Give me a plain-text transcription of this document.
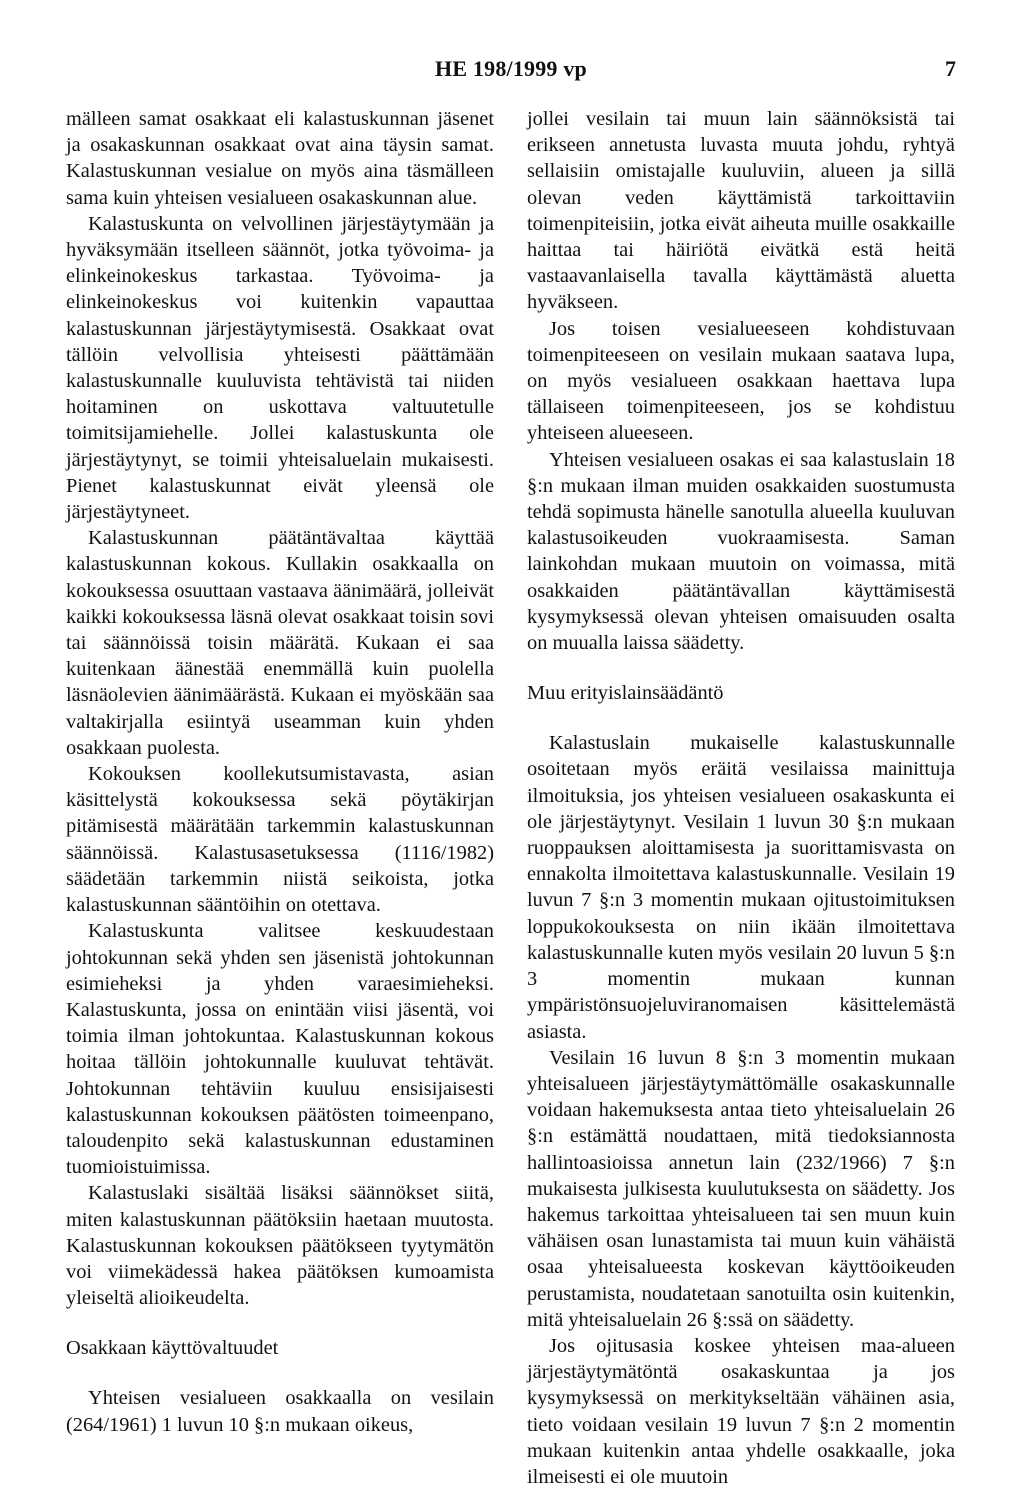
HE 198/1999 vp	7

mälleen samat osakkaat eli kalastuskunnan jäsenet ja osakaskunnan osakkaat ovat aina täysin samat. Kalastuskunnan vesialue on myös aina täsmälleen sama kuin yhteisen vesialueen osakaskunnan alue.

Kalastuskunta on velvollinen järjestäytymään ja hyväksymään itselleen säännöt, jotka työvoima- ja elinkeinokeskus tarkastaa. Työvoima- ja elinkeinokeskus voi kuitenkin vapauttaa kalastuskunnan järjestäytymisestä. Osakkaat ovat tällöin velvollisia yhteisesti päättämään kalastuskunnalle kuuluvista tehtävistä tai niiden hoitaminen on uskottava valtuutetulle toimitsijamiehelle. Jollei kalastuskunta ole järjestäytynyt, se toimii yhteisaluelain mukaisesti. Pienet kalastuskunnat eivät yleensä ole järjestäytyneet.

Kalastuskunnan päätäntävaltaa käyttää kalastuskunnan kokous. Kullakin osakkaalla on kokouksessa osuuttaan vastaava äänimäärä, jolleivät kaikki kokouksessa läsnä olevat osakkaat toisin sovi tai säännöissä toisin määrätä. Kukaan ei saa kuitenkaan äänestää enemmällä kuin puolella läsnäolevien äänimäärästä. Kukaan ei myöskään saa valtakirjalla esiintyä useamman kuin yhden osakkaan puolesta.

Kokouksen koollekutsumistavasta, asian käsittelystä kokouksessa sekä pöytäkirjan pitämisestä määrätään tarkemmin kalastuskunnan säännöissä. Kalastusasetuksessa (1116/1982) säädetään tarkemmin niistä seikoista, jotka kalastuskunnan sääntöihin on otettava.

Kalastuskunta valitsee keskuudestaan johtokunnan sekä yhden sen jäsenistä johtokunnan esimieheksi ja yhden varaesimieheksi. Kalastuskunta, jossa on enintään viisi jäsentä, voi toimia ilman johtokuntaa. Kalastuskunnan kokous hoitaa tällöin johtokunnalle kuuluvat tehtävät. Johtokunnan tehtäviin kuuluu ensisijaisesti kalastuskunnan kokouksen päätösten toimeenpano, taloudenpito sekä kalastuskunnan edustaminen tuomioistuimissa.

Kalastuslaki sisältää lisäksi säännökset siitä, miten kalastuskunnan päätöksiin haetaan muutosta. Kalastuskunnan kokouksen päätökseen tyytymätön voi viimekädessä hakea päätöksen kumoamista yleiseltä alioikeudelta.

Osakkaan käyttövaltuudet

Yhteisen vesialueen osakkaalla on vesilain (264/1961) 1 luvun 10 §:n mukaan oikeus,

jollei vesilain tai muun lain säännöksistä tai erikseen annetusta luvasta muuta johdu, ryhtyä sellaisiin omistajalle kuuluviin, alueen ja sillä olevan veden käyttämistä tarkoittaviin toimenpiteisiin, jotka eivät aiheuta muille osakkaille haittaa tai häiriötä eivätkä estä heitä vastaavanlaisella tavalla käyttämästä aluetta hyväkseen.

Jos toisen vesialueeseen kohdistuvaan toimenpiteeseen on vesilain mukaan saatava lupa, on myös vesialueen osakkaan haettava lupa tällaiseen toimenpiteeseen, jos se kohdistuu yhteiseen alueeseen.

Yhteisen vesialueen osakas ei saa kalastuslain 18 §:n mukaan ilman muiden osakkaiden suostumusta tehdä sopimusta hänelle sanotulla alueella kuuluvan kalastusoikeuden vuokraamisesta. Saman lainkohdan mukaan muutoin on voimassa, mitä osakkaiden päätäntävallan käyttämisestä kysymyksessä olevan yhteisen omaisuuden osalta on muualla laissa säädetty.

Muu erityislainsäädäntö

Kalastuslain mukaiselle kalastuskunnalle osoitetaan myös eräitä vesilaissa mainittuja ilmoituksia, jos yhteisen vesialueen osakaskunta ei ole järjestäytynyt. Vesilain 1 luvun 30 §:n mukaan ruoppauksen aloittamisesta ja suorittamisvasta on ennakolta ilmoitettava kalastuskunnalle. Vesilain 19 luvun 7 §:n 3 momentin mukaan ojitustoimituksen loppukokouksesta on niin ikään ilmoitettava kalastuskunnalle kuten myös vesilain 20 luvun 5 §:n 3 momentin mukaan kunnan ympäristönsuojeluviranomaisen käsittelemästä asiasta.

Vesilain 16 luvun 8 §:n 3 momentin mukaan yhteisalueen järjestäytymättömälle osakaskunnalle voidaan hakemuksesta antaa tieto yhteisaluelain 26 §:n estämättä noudattaen, mitä tiedoksiannosta hallintoasioissa annetun lain (232/1966) 7 §:n mukaisesta julkisesta kuulutuksesta on säädetty. Jos hakemus tarkoittaa yhteisalueen tai sen muun kuin vähäisen osan lunastamista tai muun kuin vähäistä osaa yhteisalueesta koskevan käyttöoikeuden perustamista, noudatetaan sanotuilta osin kuitenkin, mitä yhteisaluelain 26 §:ssä on säädetty.

Jos ojitusasia koskee yhteisen maa-alueen järjestäytymätöntä osakaskuntaa ja jos kysymyksessä on merkitykseltään vähäinen asia, tieto voidaan vesilain 19 luvun 7 §:n 2 momentin mukaan kuitenkin antaa yhdelle osakkaalle, joka ilmeisesti ei ole muutoin
